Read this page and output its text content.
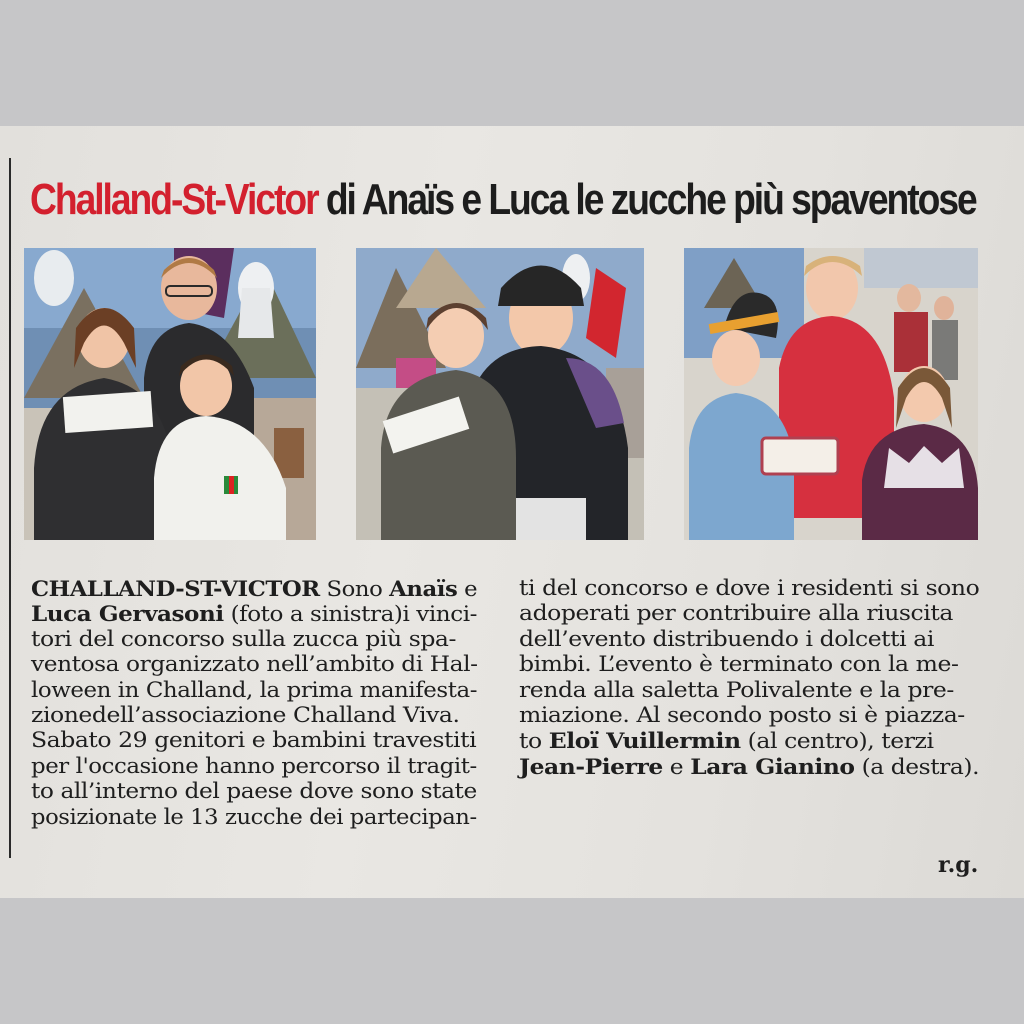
Challand-St-Victor di Anaïs e Luca le zucche più spaventose
CHALLAND-ST-VICTOR Sono Anaïs e
Luca Gervasoni (foto a sinistra)i vinci-
tori del concorso sulla zucca più spa-
ventosa organizzato nell’ambito di Hal-
loween in Challand, la prima manifesta-
zionedell’associazione Challand Viva.
Sabato 29 genitori e bambini travestiti
per l'occasione hanno percorso il tragit-
to all’interno del paese dove sono state
posizionate le 13 zucche dei partecipan-
ti del concorso e dove i residenti si sono
adoperati per contribuire alla riuscita
dell’evento distribuendo i dolcetti ai
bimbi. L’evento è terminato con la me-
renda alla saletta Polivalente e la pre-
miazione. Al secondo posto si è piazza-
to Eloï Vuillermin (al centro), terzi
Jean-Pierre e Lara Gianino (a destra).
r.g.
